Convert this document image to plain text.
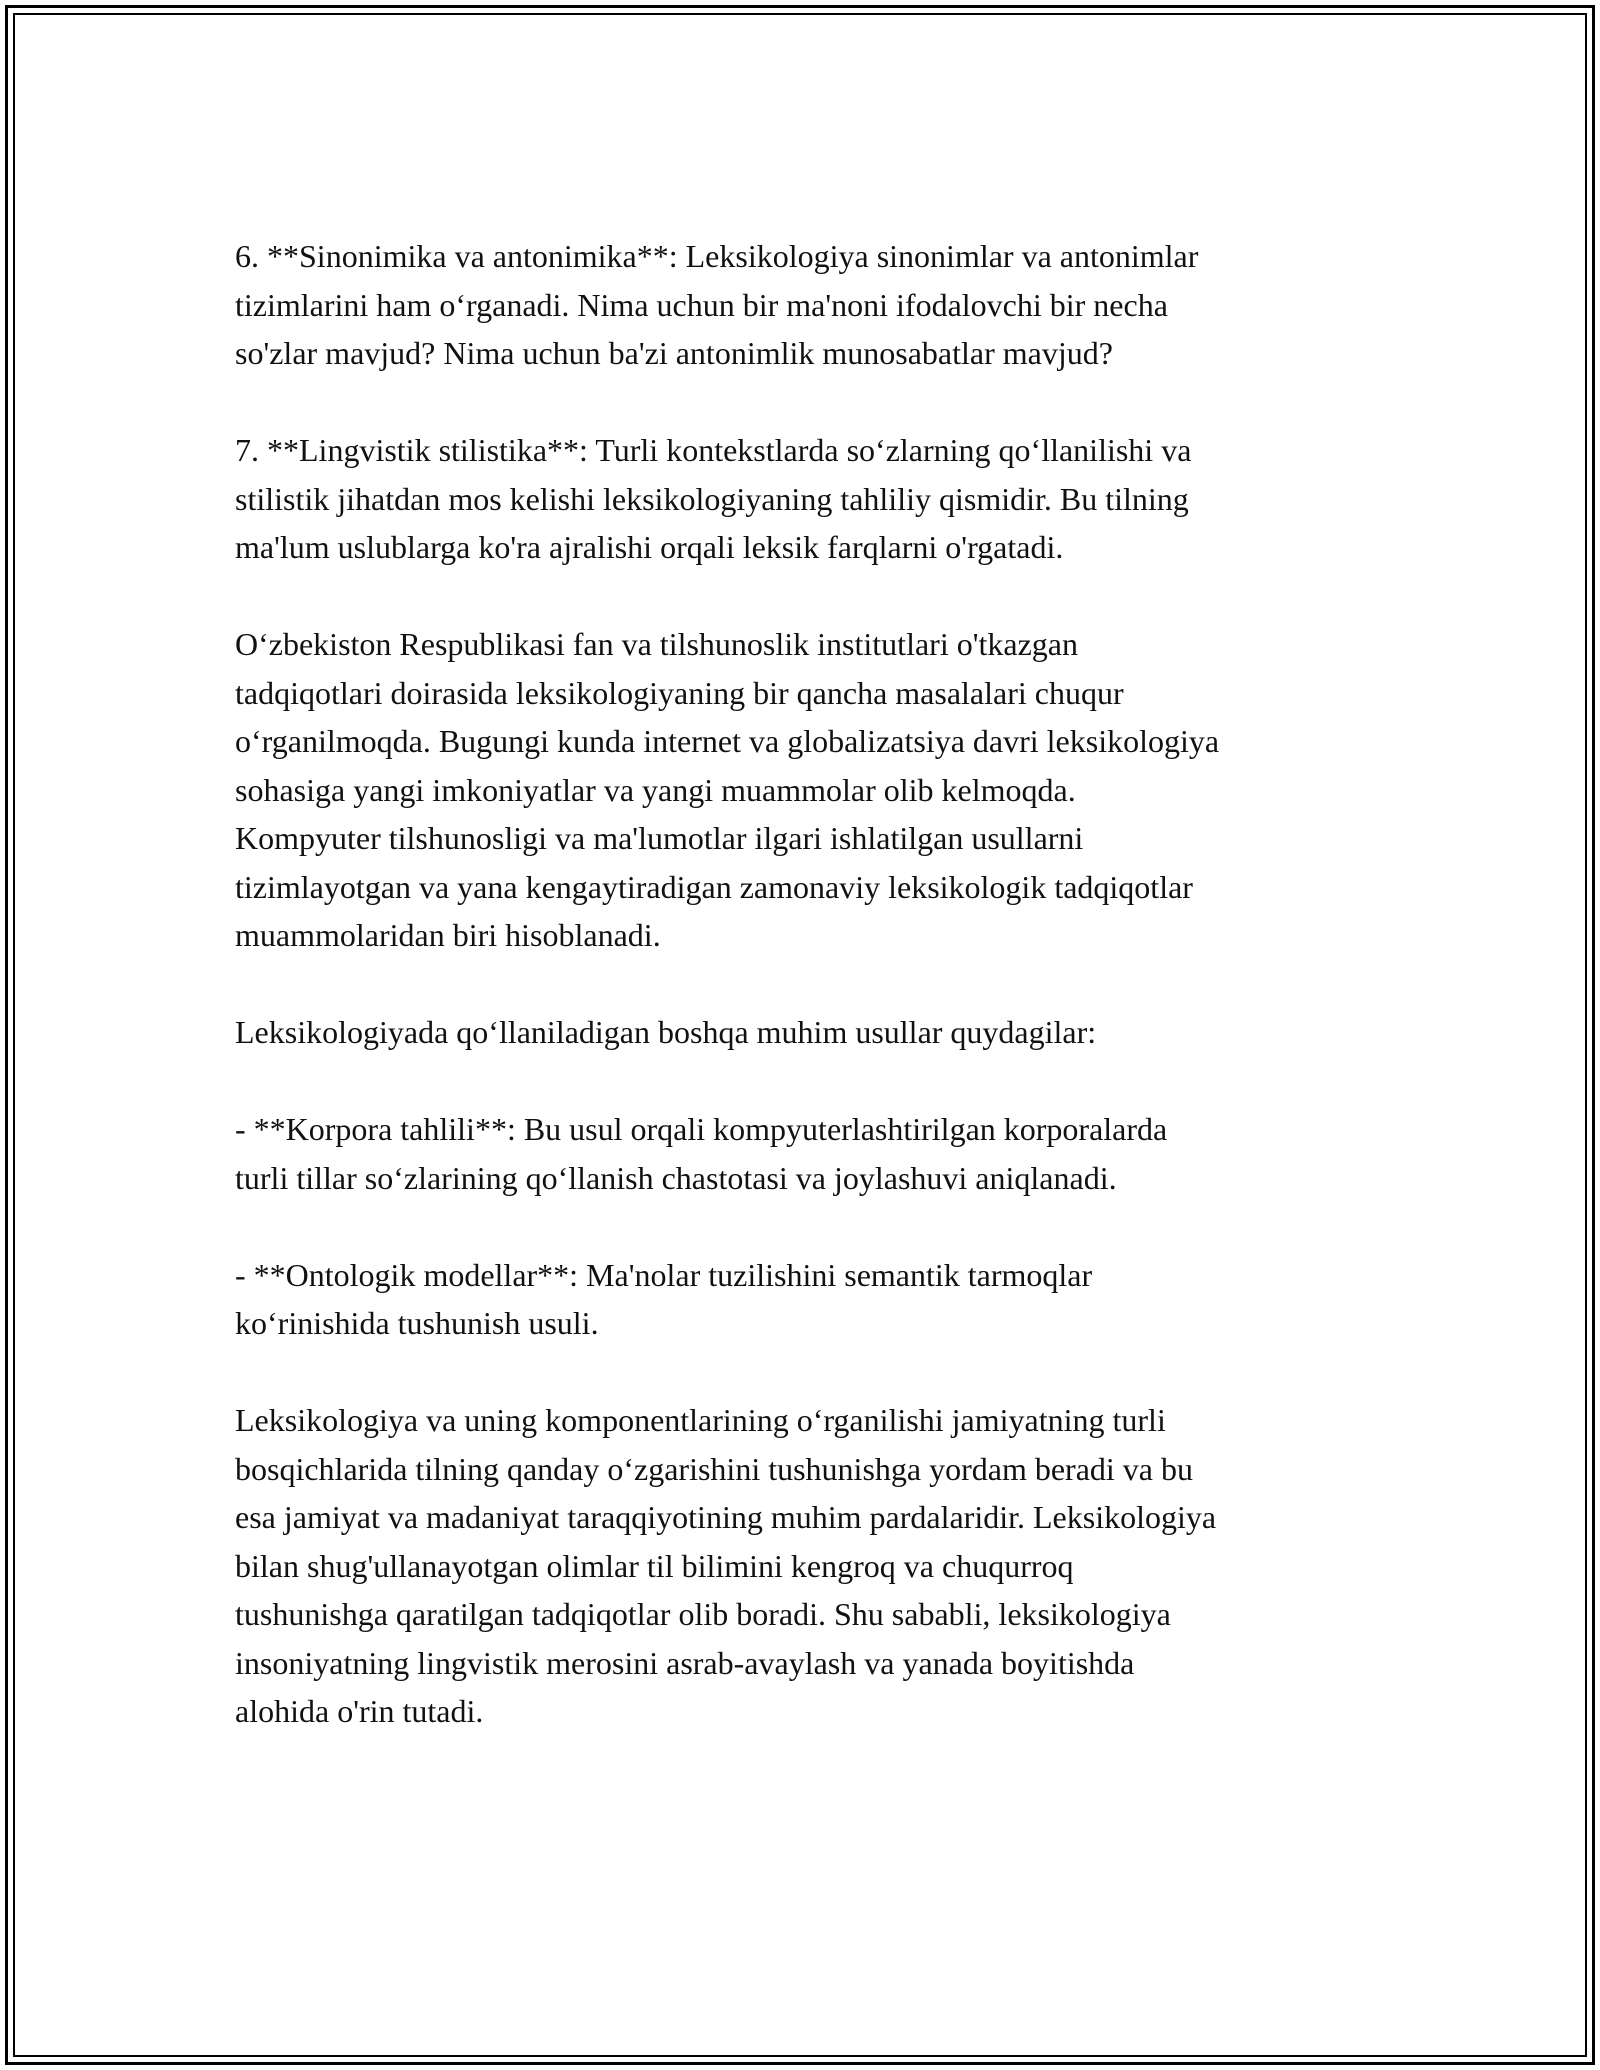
6. **Sinonimika va antonimika**: Leksikologiya sinonimlar va antonimlar
tizimlarini ham oʻrganadi. Nima uchun bir ma'noni ifodalovchi bir necha
so'zlar mavjud? Nima uchun ba'zi antonimlik munosabatlar mavjud?

7. **Lingvistik stilistika**: Turli kontekstlarda soʻzlarning qoʻllanilishi va
stilistik jihatdan mos kelishi leksikologiyaning tahliliy qismidir. Bu tilning
ma'lum uslublarga ko'ra ajralishi orqali leksik farqlarni o'rgatadi.

Oʻzbekiston Respublikasi fan va tilshunoslik institutlari o'tkazgan
tadqiqotlari doirasida leksikologiyaning bir qancha masalalari chuqur
oʻrganilmoqda. Bugungi kunda internet va globalizatsiya davri leksikologiya
sohasiga yangi imkoniyatlar va yangi muammolar olib kelmoqda.
Kompyuter tilshunosligi va ma'lumotlar ilgari ishlatilgan usullarni
tizimlayotgan va yana kengaytiradigan zamonaviy leksikologik tadqiqotlar
muammolaridan biri hisoblanadi.

Leksikologiyada qoʻllaniladigan boshqa muhim usullar quydagilar:

- **Korpora tahlili**: Bu usul orqali kompyuterlashtirilgan korporalarda
turli tillar soʻzlarining qoʻllanish chastotasi va joylashuvi aniqlanadi.

- **Ontologik modellar**: Ma'nolar tuzilishini semantik tarmoqlar
koʻrinishida tushunish usuli.

Leksikologiya va uning komponentlarining oʻrganilishi jamiyatning turli
bosqichlarida tilning qanday oʻzgarishini tushunishga yordam beradi va bu
esa jamiyat va madaniyat taraqqiyotining muhim pardalaridir. Leksikologiya
bilan shug'ullanayotgan olimlar til bilimini kengroq va chuqurroq
tushunishga qaratilgan tadqiqotlar olib boradi. Shu sababli, leksikologiya
insoniyatning lingvistik merosini asrab-avaylash va yanada boyitishda
alohida o'rin tutadi.
